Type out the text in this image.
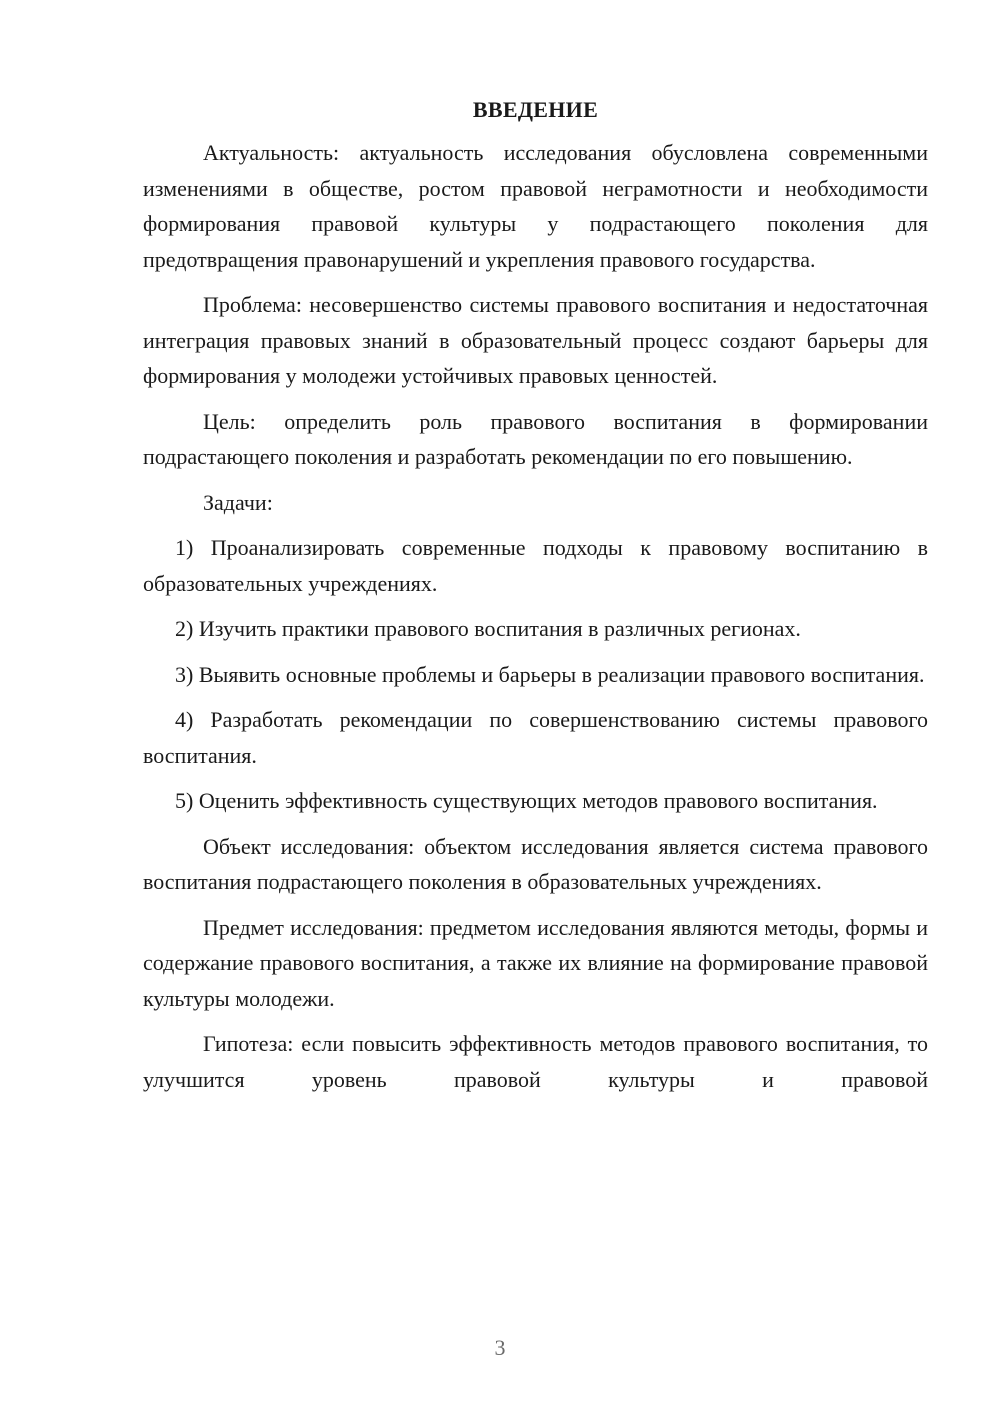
ВВЕДЕНИЕ

Актуальность: актуальность исследования обусловлена современными изменениями в обществе, ростом правовой неграмотности и необходимости формирования правовой культуры у подрастающего поколения для предотвращения правонарушений и укрепления правового государства.

Проблема: несовершенство системы правового воспитания и недостаточная интеграция правовых знаний в образовательный процесс создают барьеры для формирования у молодежи устойчивых правовых ценностей.

Цель: определить роль правового воспитания в формировании подрастающего поколения и разработать рекомендации по его повышению.

Задачи:

1) Проанализировать современные подходы к правовому воспитанию в образовательных учреждениях.

2) Изучить практики правового воспитания в различных регионах.

3) Выявить основные проблемы и барьеры в реализации правового воспитания.

4) Разработать рекомендации по совершенствованию системы правового воспитания.

5) Оценить эффективность существующих методов правового воспитания.

Объект исследования: объектом исследования является система правового воспитания подрастающего поколения в образовательных учреждениях.

Предмет исследования: предметом исследования являются методы, формы и содержание правового воспитания, а также их влияние на формирование правовой культуры молодежи.

Гипотеза: если повысить эффективность методов правового воспитания, то улучшится уровень правовой культуры и правовой

3
